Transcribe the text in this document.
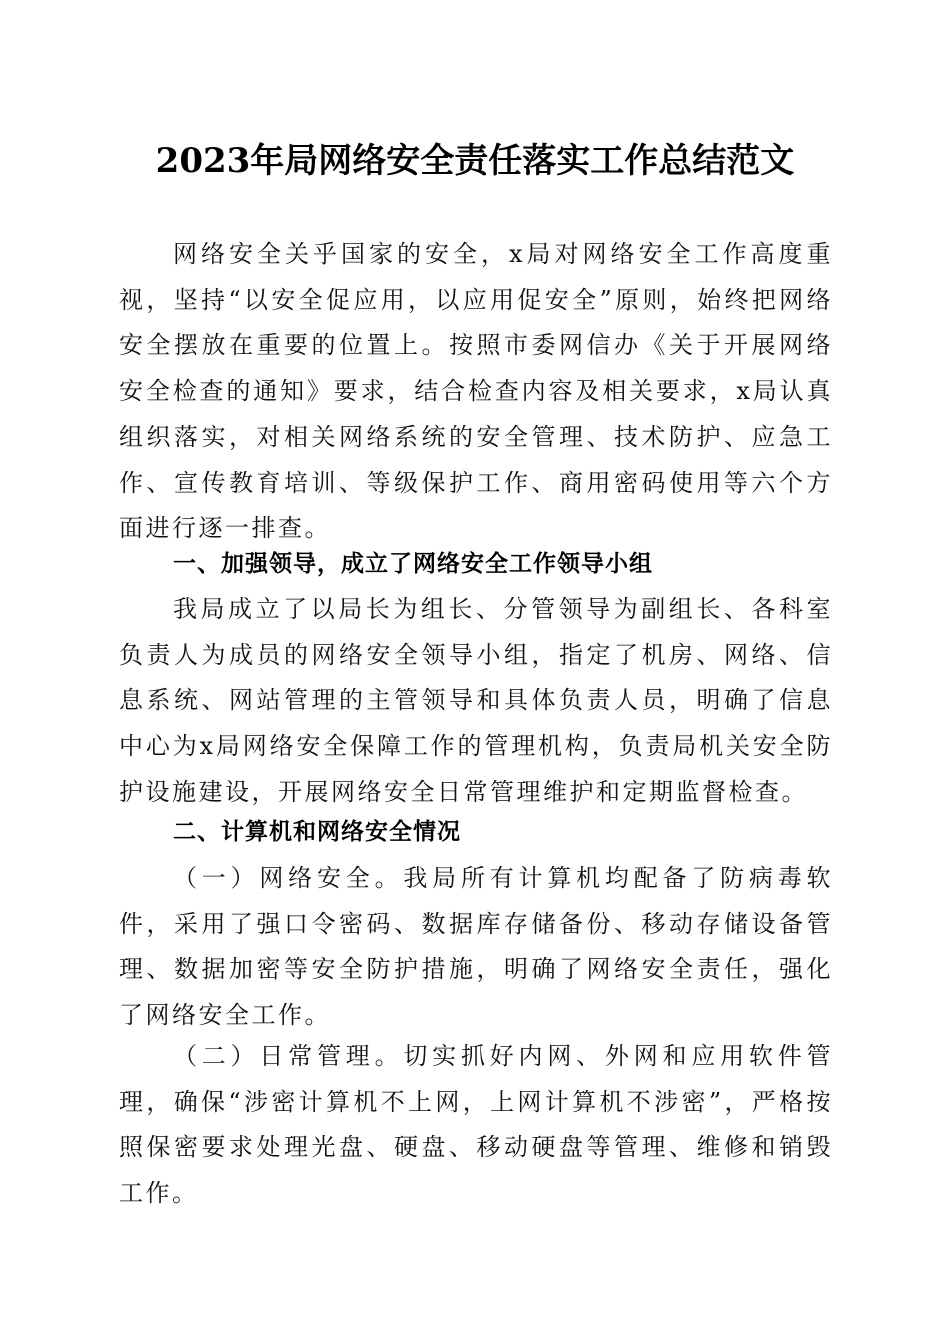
2023年局网络安全责任落实工作总结范文

网络安全关乎国家的安全，x局对网络安全工作高度重视，坚持“以安全促应用，以应用促安全”原则，始终把网络安全摆放在重要的位置上。按照市委网信办《关于开展网络安全检查的通知》要求，结合检查内容及相关要求，x局认真组织落实，对相关网络系统的安全管理、技术防护、应急工作、宣传教育培训、等级保护工作、商用密码使用等六个方面进行逐一排查。

一、加强领导，成立了网络安全工作领导小组

我局成立了以局长为组长、分管领导为副组长、各科室负责人为成员的网络安全领导小组，指定了机房、网络、信息系统、网站管理的主管领导和具体负责人员，明确了信息中心为x局网络安全保障工作的管理机构，负责局机关安全防护设施建设，开展网络安全日常管理维护和定期监督检查。

二、计算机和网络安全情况

（一）网络安全。我局所有计算机均配备了防病毒软件，采用了强口令密码、数据库存储备份、移动存储设备管理、数据加密等安全防护措施，明确了网络安全责任，强化了网络安全工作。

（二）日常管理。切实抓好内网、外网和应用软件管理，确保“涉密计算机不上网，上网计算机不涉密”，严格按照保密要求处理光盘、硬盘、移动硬盘等管理、维修和销毁工作。
